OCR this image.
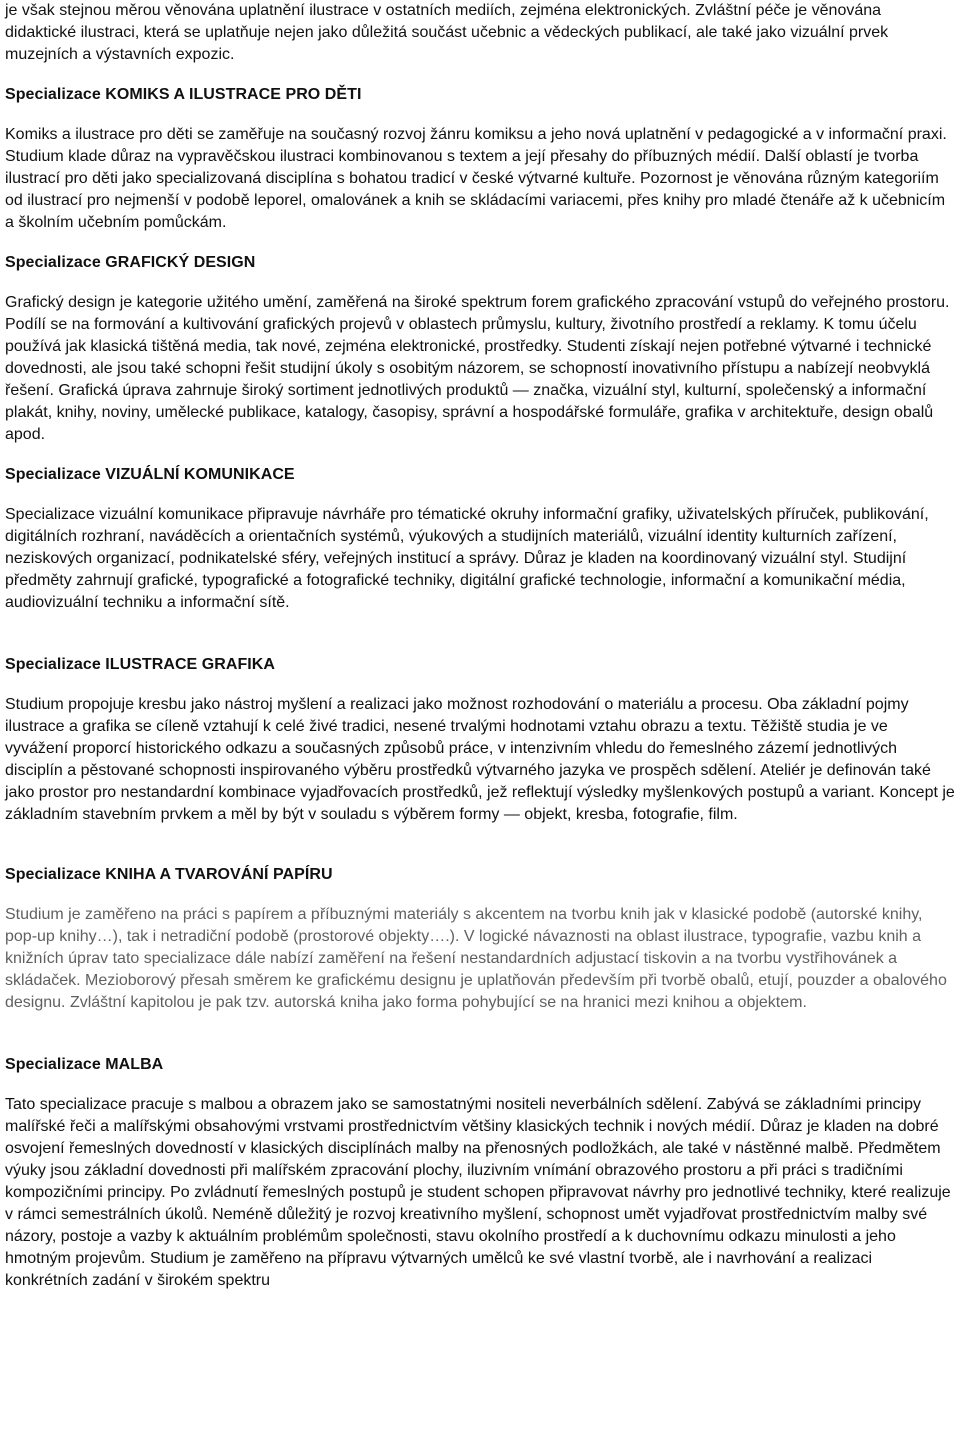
je však stejnou měrou věnována uplatnění ilustrace v ostatních mediích, zejména elektronických. Zvláštní péče je věnována didaktické ilustraci, která se uplatňuje nejen jako důležitá součást učebnic a vědeckých publikací, ale také jako vizuální prvek muzejních a výstavních expozic.

Specializace KOMIKS A ILUSTRACE PRO DĚTI

Komiks a ilustrace pro děti se zaměřuje na současný rozvoj žánru komiksu a jeho nová uplatnění v pedagogické a v informační praxi. Studium klade důraz na vypravěčskou ilustraci kombinovanou s textem a její přesahy do příbuzných médií. Další oblastí je tvorba ilustrací pro děti jako specializovaná disciplína s bohatou tradicí v české výtvarné kultuře. Pozornost je věnována různým kategoriím od ilustrací pro nejmenší v podobě leporel, omalovánek a knih se skládacími variacemi, přes knihy pro mladé čtenáře až k učebnicím a školním učebním pomůckám.

Specializace GRAFICKÝ DESIGN

Grafický design je kategorie užitého umění, zaměřená na široké spektrum forem grafického zpracování vstupů do veřejného prostoru. Podílí se na formování a kultivování grafických projevů v oblastech průmyslu, kultury, životního prostředí a reklamy. K tomu účelu používá jak klasická tištěná media, tak nové, zejména elektronické, prostředky. Studenti získají nejen potřebné výtvarné i technické dovednosti, ale jsou také schopni řešit studijní úkoly s osobitým názorem, se schopností inovativního přístupu a nabízejí neobvyklá řešení. Grafická úprava zahrnuje široký sortiment jednotlivých produktů — značka, vizuální styl, kulturní, společenský a informační plakát, knihy, noviny, umělecké publikace, katalogy, časopisy, správní a hospodářské formuláře, grafika v architektuře, design obalů apod.

Specializace VIZUÁLNÍ KOMUNIKACE

Specializace vizuální komunikace připravuje návrháře pro tématické okruhy informační grafiky, uživatelských příruček, publikování, digitálních rozhraní, naváděcích a orientačních systémů, výukových a studijních materiálů, vizuální identity kulturních zařízení, neziskových organizací, podnikatelské sféry, veřejných institucí a správy. Důraz je kladen na koordinovaný vizuální styl. Studijní předměty zahrnují grafické, typografické a fotografické techniky, digitální grafické technologie, informační a komunikační média, audiovizuální techniku a informační sítě.

Specializace ILUSTRACE GRAFIKA

Studium propojuje kresbu jako nástroj myšlení a realizaci jako možnost rozhodování o materiálu a procesu. Oba základní pojmy ilustrace a grafika se cíleně vztahují k celé živé tradici, nesené trvalými hodnotami vztahu obrazu a textu. Těžiště studia je ve vyvážení proporcí historického odkazu a současných způsobů práce, v intenzivním vhledu do řemeslného zázemí jednotlivých disciplín a pěstované schopnosti inspirovaného výběru prostředků výtvarného jazyka ve prospěch sdělení. Ateliér je definován také jako prostor pro nestandardní kombinace vyjadřovacích prostředků, jež reflektují výsledky myšlenkových postupů a variant. Koncept je základním stavebním prvkem a měl by být v souladu s výběrem formy — objekt, kresba, fotografie, film.

Specializace KNIHA A TVAROVÁNÍ PAPÍRU

Studium je zaměřeno na práci s papírem a příbuznými materiály s akcentem na tvorbu knih jak v klasické podobě (autorské knihy, pop-up knihy…), tak i netradiční podobě (prostorové objekty….). V logické návaznosti na oblast ilustrace, typografie, vazbu knih a knižních úprav tato specializace dále nabízí zaměření na řešení nestandardních adjustací tiskovin a na tvorbu vystřihovánek a skládaček. Mezioborový přesah směrem ke grafickému designu je uplatňován především při tvorbě obalů, etují, pouzder a obalového designu. Zvláštní kapitolou je pak tzv. autorská kniha jako forma pohybující se na hranici mezi knihou a objektem.

Specializace MALBA

Tato specializace pracuje s malbou a obrazem jako se samostatnými nositeli neverbálních sdělení. Zabývá se základními principy malířské řeči a malířskými obsahovými vrstvami prostřednictvím většiny klasických technik i nových médií. Důraz je kladen na dobré osvojení řemeslných dovedností v klasických disciplínách malby na přenosných podložkách, ale také v nástěnné malbě. Předmětem výuky jsou základní dovednosti při malířském zpracování plochy, iluzivním vnímání obrazového prostoru a při práci s tradičními kompozičními principy. Po zvládnutí řemeslných postupů je student schopen připravovat návrhy pro jednotlivé techniky, které realizuje v rámci semestrálních úkolů. Neméně důležitý je rozvoj kreativního myšlení, schopnost umět vyjadřovat prostřednictvím malby své názory, postoje a vazby k aktuálním problémům společnosti, stavu okolního prostředí a k duchovnímu odkazu minulosti a jeho hmotným projevům. Studium je zaměřeno na přípravu výtvarných umělců ke své vlastní tvorbě, ale i navrhování a realizaci konkrétních zadání v širokém spektru
